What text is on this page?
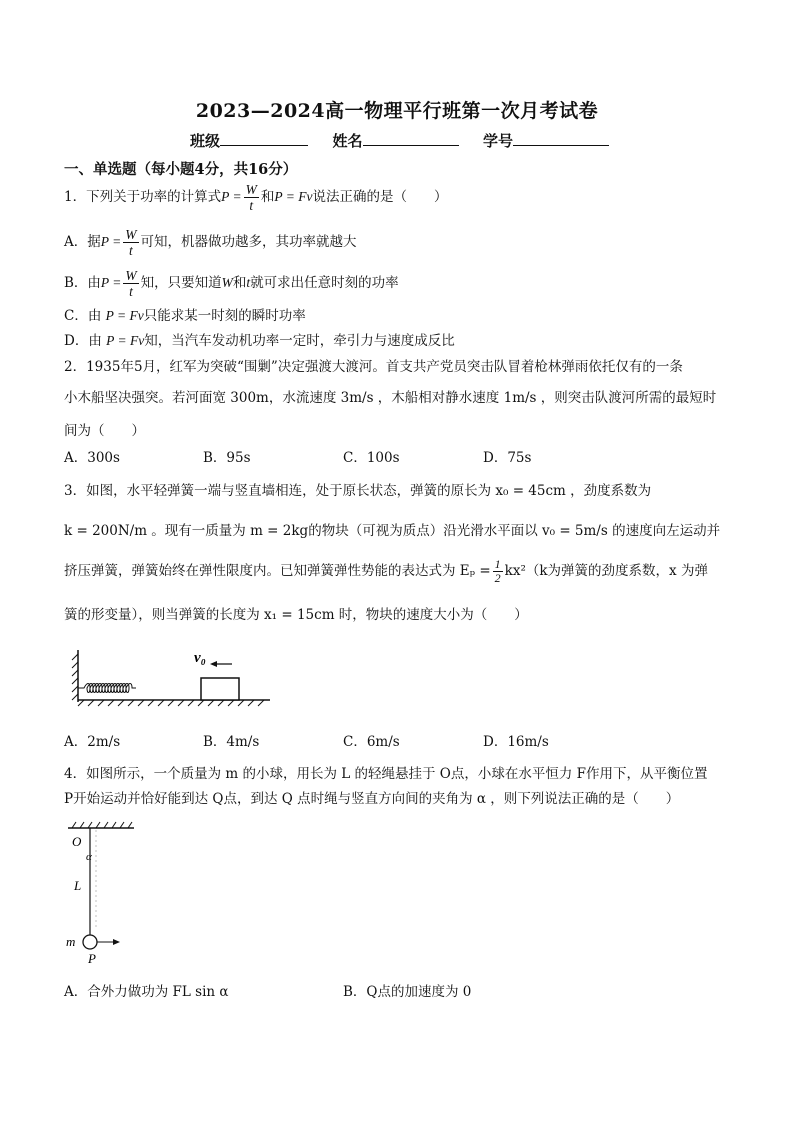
2023—2024高一物理平行班第一次月考试卷
班级	姓名	学号
一、单选题（每小题4分，共16分）
1．下列关于功率的计算式$P = \frac{W}{t}$ 和P = Fv说法正确的是（　　）
A．据$P = \frac{W}{t}$ 可知，机器做功越多，其功率就越大
B．由$P = \frac{W}{t}$ 知，只要知道W和t就可求出任意时刻的功率
C．由 P = Fv只能求某一时刻的瞬时功率
D．由 P = Fv知，当汽车发动机功率一定时，牵引力与速度成反比
2．1935年5月，红军为突破“围剿”决定强渡大渡河。首支共产党员突击队冒着枪林弹雨依托仅有的一条
小木船坚决强突。若河面宽 300m，水流速度 3m/s ，木船相对静水速度 1m/s ，则突击队渡河所需的最短时
间为（　　）
A．300s	B．95s	C．100s	D．75s
3．如图，水平轻弹簧一端与竖直墙相连，处于原长状态，弹簧的原长为 x₀ = 45cm ，劲度系数为
k = 200N/m 。现有一质量为 m = 2kg的物块（可视为质点）沿光滑水平面以 v₀ = 5m/s 的速度向左运动并
挤压弹簧，弹簧始终在弹性限度内。已知弹簧弹性势能的表达式为 $E_p = \frac{1}{2} kx^2(k$为弹簧的劲度系数，x 为弹
簧的形变量），则当弹簧的长度为 x₁ = 15cm 时，物块的速度大小为（　　）
v₀
A．2m/s	B．4m/s	C．6m/s	D．16m/s
4．如图所示，一个质量为 m 的小球，用长为 L 的轻绳悬挂于 O点，小球在水平恒力 F作用下，从平衡位置
P开始运动并恰好能到达 Q点，到达 Q 点时绳与竖直方向间的夹角为 α ，则下列说法正确的是（　　）
O
α
L
m
P
A．合外力做功为 FL sin α	B．Q点的加速度为 0
